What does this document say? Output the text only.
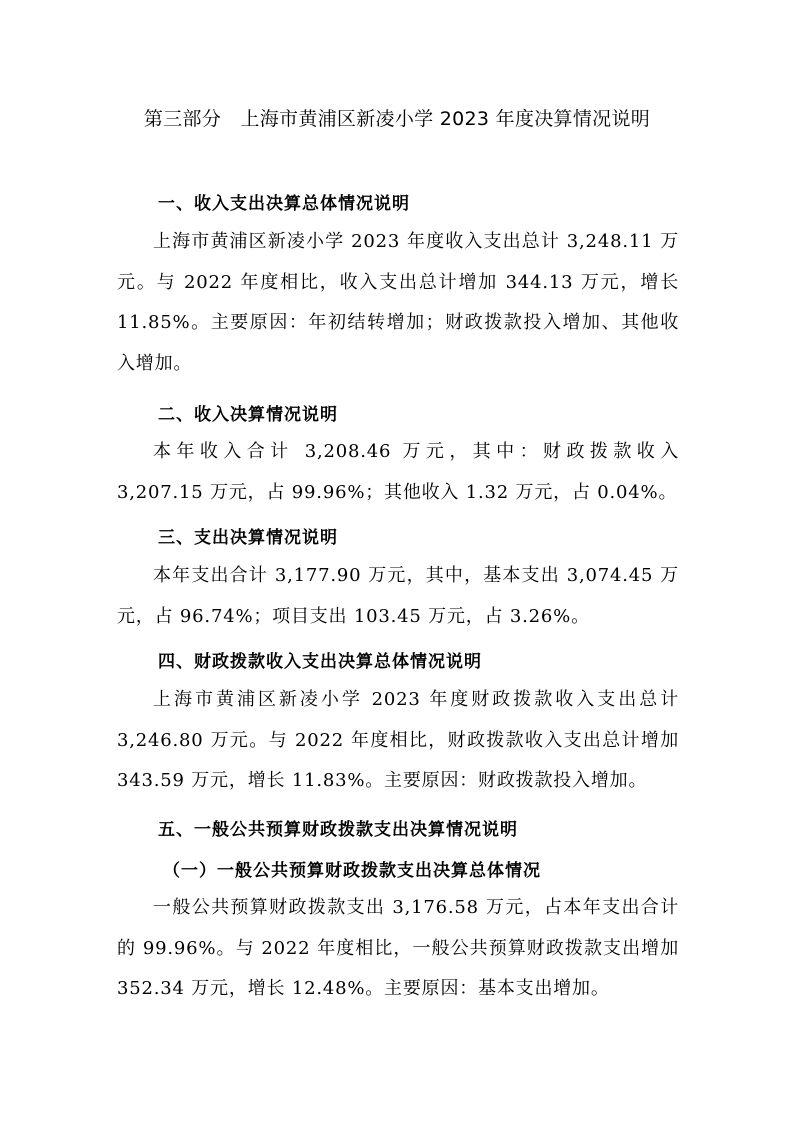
第三部分　上海市黄浦区新凌小学 2023 年度决算情况说明
一、收入支出决算总体情况说明
上海市黄浦区新凌小学 2023 年度收入支出总计 3,248.11 万元。与 2022 年度相比，收入支出总计增加 344.13 万元，增长 11.85%。主要原因：年初结转增加；财政拨款投入增加、其他收入增加。
二、收入决算情况说明
本年收入合计 3,208.46 万元，其中：财政拨款收入 3,207.15 万元，占 99.96%；其他收入 1.32 万元，占 0.04%。
三、支出决算情况说明
本年支出合计 3,177.90 万元，其中，基本支出 3,074.45 万元，占 96.74%；项目支出 103.45 万元，占 3.26%。
四、财政拨款收入支出决算总体情况说明
上海市黄浦区新凌小学 2023 年度财政拨款收入支出总计 3,246.80 万元。与 2022 年度相比，财政拨款收入支出总计增加 343.59 万元，增长 11.83%。主要原因：财政拨款投入增加。
五、一般公共预算财政拨款支出决算情况说明
（一）一般公共预算财政拨款支出决算总体情况
一般公共预算财政拨款支出 3,176.58 万元，占本年支出合计的 99.96%。与 2022 年度相比，一般公共预算财政拨款支出增加 352.34 万元，增长 12.48%。主要原因：基本支出增加。
